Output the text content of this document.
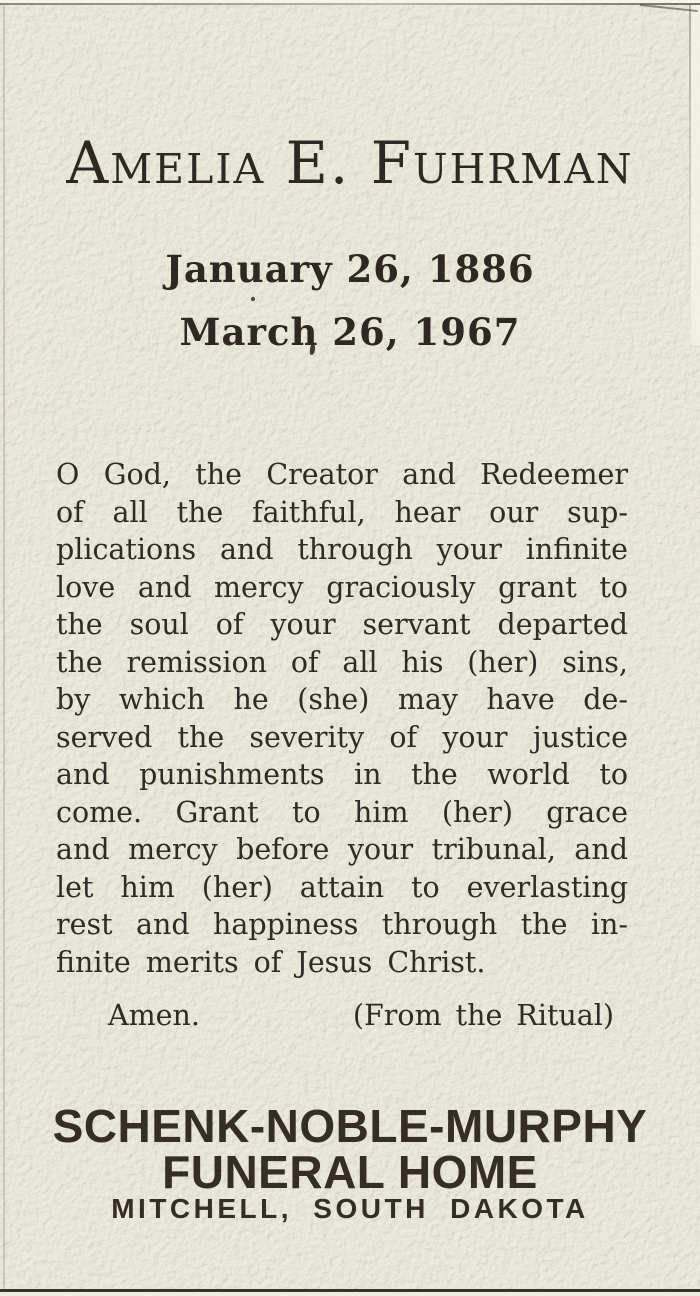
Amelia E. Fuhrman
January 26, 1886
March 26, 1967
O God, the Creator and Redeemer
of all the faithful, hear our sup-
plications and through your infinite
love and mercy graciously grant to
the soul of your servant departed
the remission of all his (her) sins,
by which he (she) may have de-
served the severity of your justice
and punishments in the world to
come. Grant to him (her) grace
and mercy before your tribunal, and
let him (her) attain to everlasting
rest and happiness through the in-
finite merits of Jesus Christ.
Amen.	(From the Ritual)
SCHENK-NOBLE-MURPHY
FUNERAL HOME
MITCHELL, SOUTH DAKOTA
